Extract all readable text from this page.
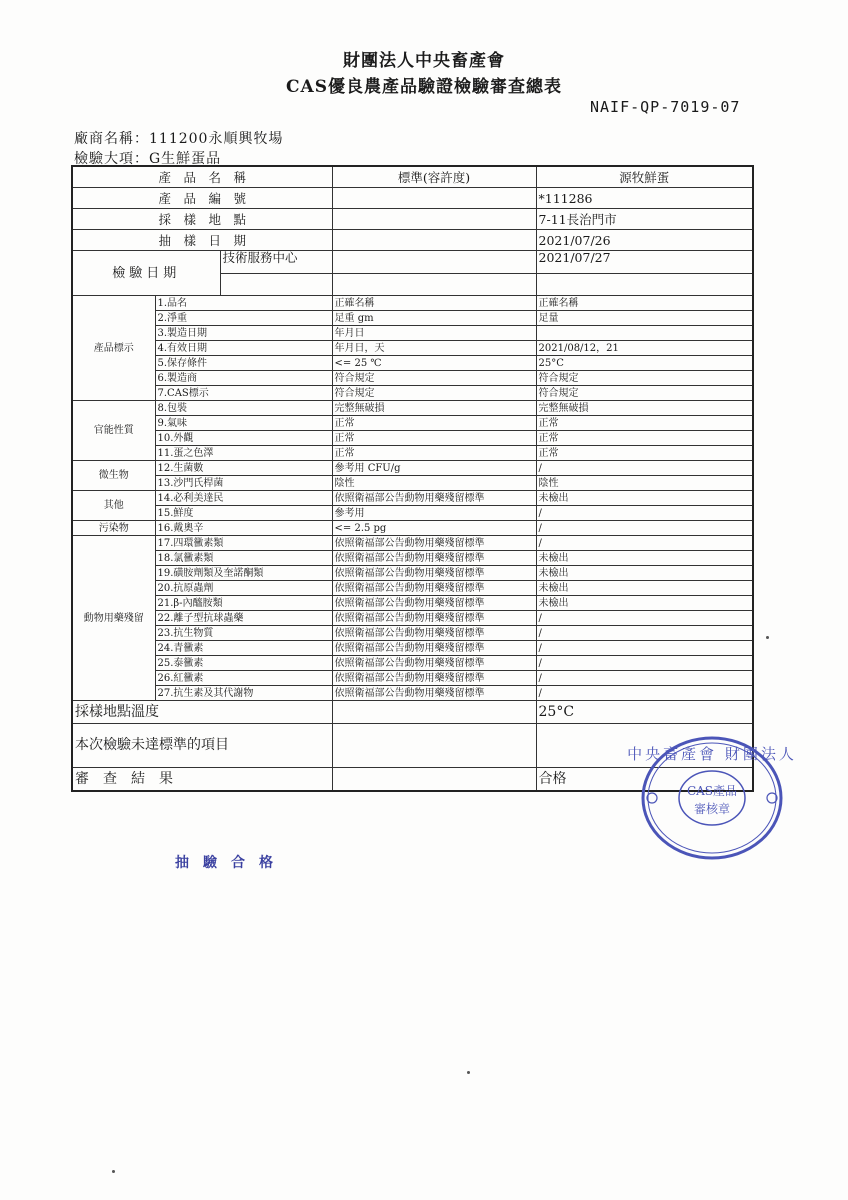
財團法人中央畜產會
CAS優良農產品驗證檢驗審查總表
NAIF-QP-7019-07
廠商名稱：111200永順興牧場
檢驗大項：G生鮮蛋品
產　品　名　稱			標準(容許度)	源牧鮮蛋
產　品　編　號				*111286
採　樣　地　點				7-11長治門市
抽　樣　日　期				2021/07/26
檢驗日期		技術服務中心		2021/07/27

產品標示	1.品名		正確名稱	正確名稱
	2.淨重		足重 gm	足量
	3.製造日期		年月日	
	4.有效日期		年月日，天	2021/08/12，21
	5.保存條件		<= 25 ℃	25°C
	6.製造商		符合規定	符合規定
	7.CAS標示		符合規定	符合規定
官能性質	8.包裝		完整無破損	完整無破損
	9.氣味		正常	正常
	10.外觀		正常	正常
	11.蛋之色澤		正常	正常
微生物	12.生菌數		參考用 CFU/g	/
	13.沙門氏桿菌		陰性	陰性
其他	14.必利美達民		依照衛福部公告動物用藥殘留標準	未檢出
	15.鮮度		參考用	/
污染物	16.戴奧辛		<= 2.5 pg	/
動物用藥殘留	17.四環黴素類		依照衛福部公告動物用藥殘留標準	/
	18.氯黴素類		依照衛福部公告動物用藥殘留標準	未檢出
	19.磺胺劑類及奎諾酮類		依照衛福部公告動物用藥殘留標準	未檢出
	20.抗原蟲劑		依照衛福部公告動物用藥殘留標準	未檢出
	21.β-內醯胺類		依照衛福部公告動物用藥殘留標準	未檢出
	22.離子型抗球蟲藥		依照衛福部公告動物用藥殘留標準	/
	23.抗生物質		依照衛福部公告動物用藥殘留標準	/
	24.青黴素		依照衛福部公告動物用藥殘留標準	/
	25.泰黴素		依照衛福部公告動物用藥殘留標準	/
	26.紅黴素		依照衛福部公告動物用藥殘留標準	/
	27.抗生素及其代謝物		依照衛福部公告動物用藥殘留標準	/
採樣地點溫度				25°C
本次檢驗未達標準的項目				
審　查　結　果				合格
中央畜產會 財團法人
CAS產品
審核章
抽驗合格
